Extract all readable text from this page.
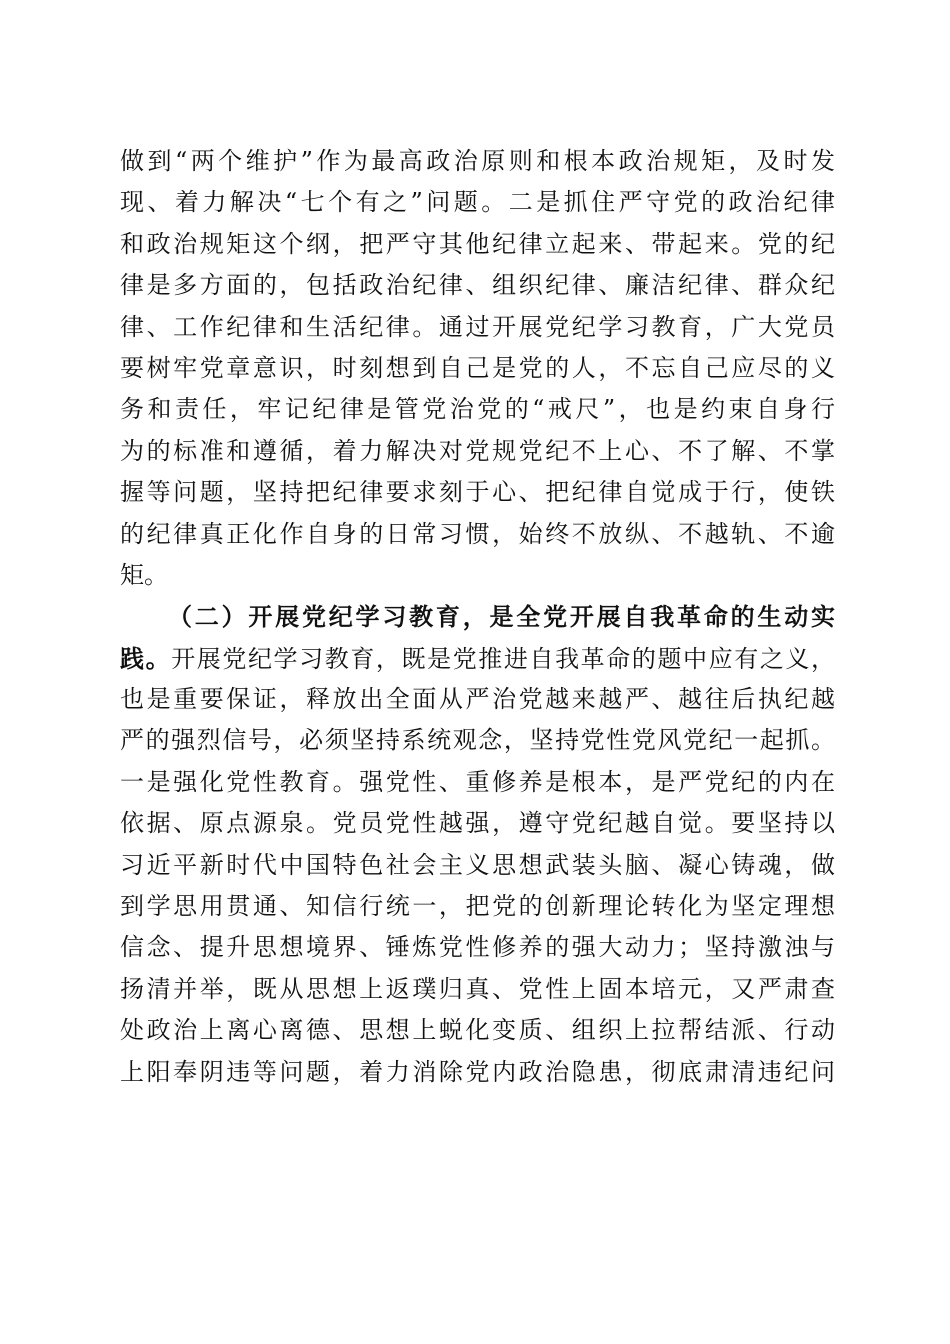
做到“两个维护”作为最高政治原则和根本政治规矩，及时发
现、着力解决“七个有之”问题。二是抓住严守党的政治纪律
和政治规矩这个纲，把严守其他纪律立起来、带起来。党的纪
律是多方面的，包括政治纪律、组织纪律、廉洁纪律、群众纪
律、工作纪律和生活纪律。通过开展党纪学习教育，广大党员
要树牢党章意识，时刻想到自己是党的人，不忘自己应尽的义
务和责任，牢记纪律是管党治党的“戒尺”，也是约束自身行
为的标准和遵循，着力解决对党规党纪不上心、不了解、不掌
握等问题，坚持把纪律要求刻于心、把纪律自觉成于行，使铁
的纪律真正化作自身的日常习惯，始终不放纵、不越轨、不逾
矩。
（二）开展党纪学习教育，是全党开展自我革命的生动实
践。开展党纪学习教育，既是党推进自我革命的题中应有之义，
也是重要保证，释放出全面从严治党越来越严、越往后执纪越
严的强烈信号，必须坚持系统观念，坚持党性党风党纪一起抓。
一是强化党性教育。强党性、重修养是根本，是严党纪的内在
依据、原点源泉。党员党性越强，遵守党纪越自觉。要坚持以
习近平新时代中国特色社会主义思想武装头脑、凝心铸魂，做
到学思用贯通、知信行统一，把党的创新理论转化为坚定理想
信念、提升思想境界、锤炼党性修养的强大动力；坚持激浊与
扬清并举，既从思想上返璞归真、党性上固本培元，又严肃查
处政治上离心离德、思想上蜕化变质、组织上拉帮结派、行动
上阳奉阴违等问题，着力消除党内政治隐患，彻底肃清违纪问
